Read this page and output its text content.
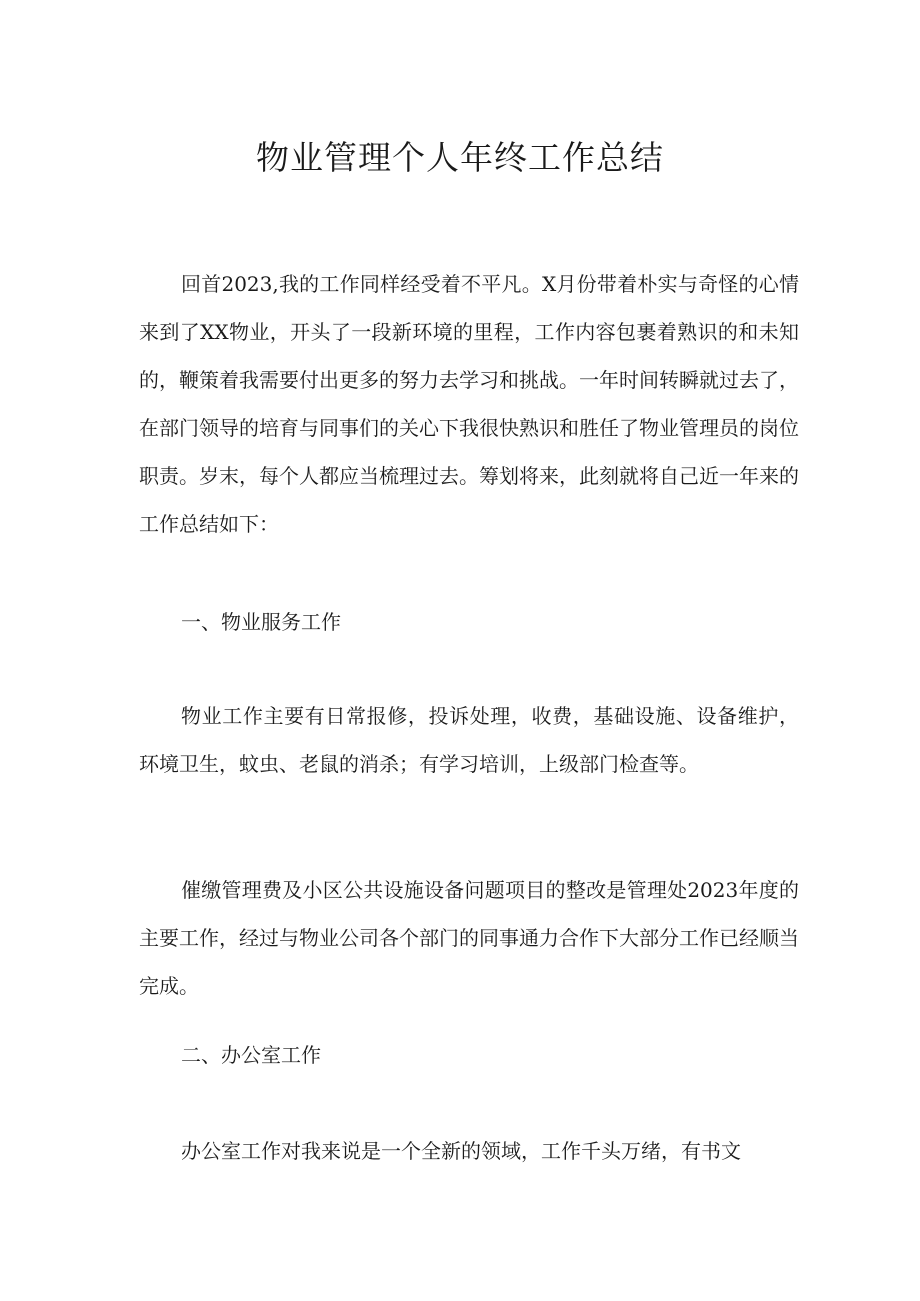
物业管理个人年终工作总结

回首2023,我的工作同样经受着不平凡。X月份带着朴实与奇怪的心情来到了XX物业，开头了一段新环境的里程，工作内容包裹着熟识的和未知的，鞭策着我需要付出更多的努力去学习和挑战。一年时间转瞬就过去了，在部门领导的培育与同事们的关心下我很快熟识和胜任了物业管理员的岗位职责。岁末，每个人都应当梳理过去。筹划将来，此刻就将自己近一年来的工作总结如下：

一、物业服务工作

物业工作主要有日常报修，投诉处理，收费，基础设施、设备维护，环境卫生，蚊虫、老鼠的消杀；有学习培训，上级部门检查等。

催缴管理费及小区公共设施设备问题项目的整改是管理处2023年度的主要工作，经过与物业公司各个部门的同事通力合作下大部分工作已经顺当完成。

二、办公室工作

办公室工作对我来说是一个全新的领域，工作千头万绪，有书文
